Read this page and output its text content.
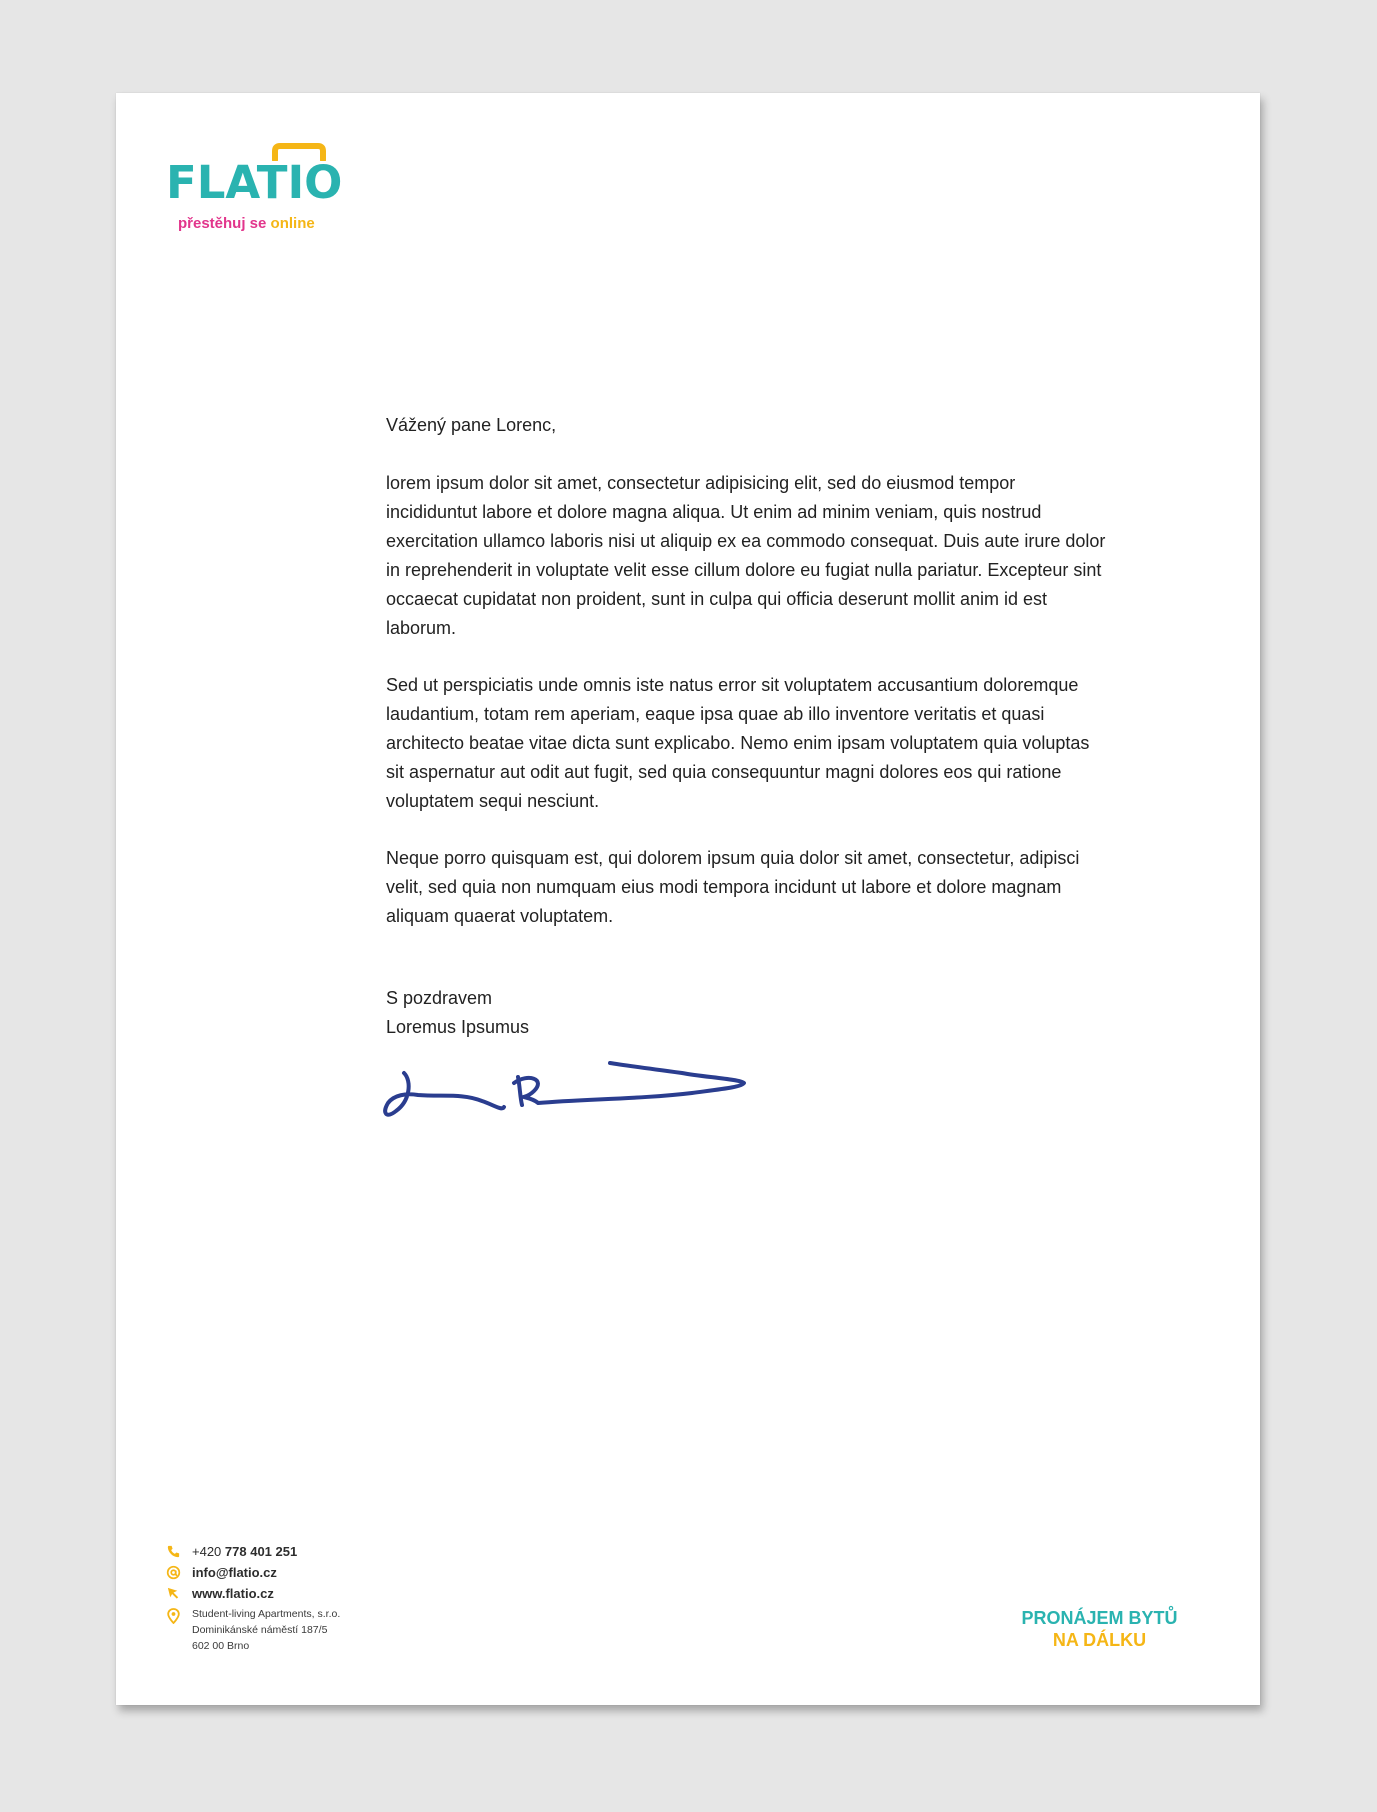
FLATIO
přestěhuj se online

Vážený pane Lorenc,

lorem ipsum dolor sit amet, consectetur adipisicing elit, sed do eiusmod tempor incididuntut labore et dolore magna aliqua. Ut enim ad minim veniam, quis nostrud exercitation ullamco laboris nisi ut aliquip ex ea commodo consequat. Duis aute irure dolor in reprehenderit in voluptate velit esse cillum dolore eu fugiat nulla pariatur. Excepteur sint occaecat cupidatat non proident, sunt in culpa qui officia deserunt mollit anim id est laborum.

Sed ut perspiciatis unde omnis iste natus error sit voluptatem accusantium doloremque laudantium, totam rem aperiam, eaque ipsa quae ab illo inventore veritatis et quasi architecto beatae vitae dicta sunt explicabo. Nemo enim ipsam voluptatem quia voluptas sit aspernatur aut odit aut fugit, sed quia consequuntur magni dolores eos qui ratione voluptatem sequi nesciunt.

Neque porro quisquam est, qui dolorem ipsum quia dolor sit amet, consectetur, adipisci velit, sed quia non numquam eius modi tempora incidunt ut labore et dolore magnam aliquam quaerat voluptatem.

S pozdravem
Loremus Ipsumus
+420 778 401 251
info@flatio.cz
www.flatio.cz
Student-living Apartments, s.r.o.
Dominikánské náměstí 187/5
602 00 Brno
PRONÁJEM BYTŮ
NA DÁLKU
